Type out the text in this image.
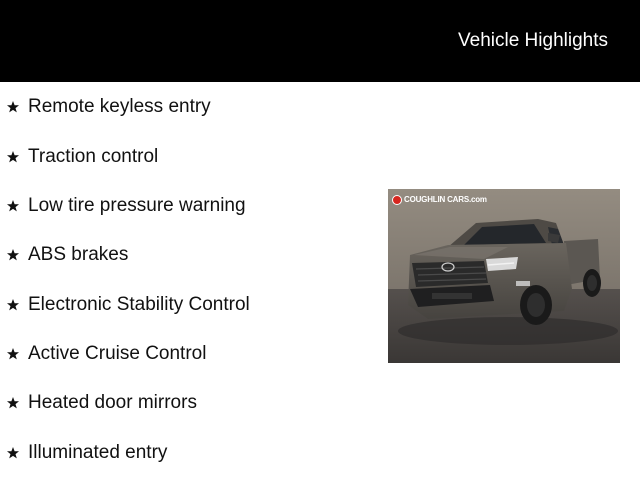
Vehicle Highlights
Remote keyless entry
Traction control
Low tire pressure warning
ABS brakes
Electronic Stability Control
Active Cruise Control
Heated door mirrors
Illuminated entry
COUGHLIN CARS.com
